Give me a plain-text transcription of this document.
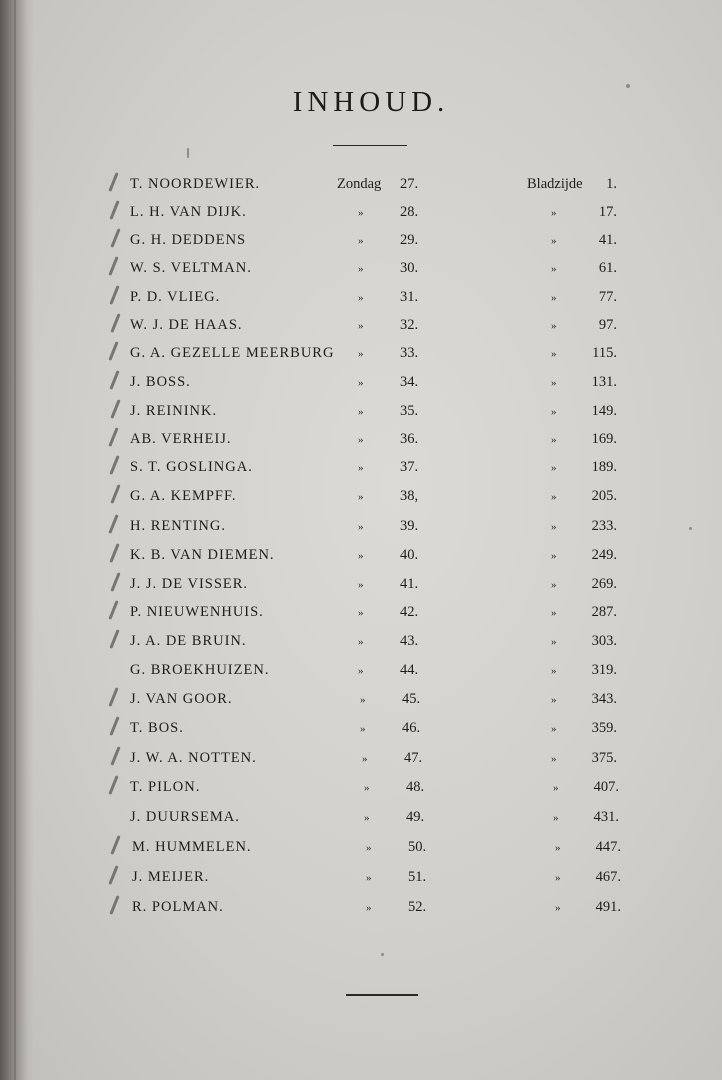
INHOUD.
T. NOORDEWIER.	Zondag 27.	Bladzijde	1.
L. H. VAN DIJK.	»	28.	»	17.
G. H. DEDDENS	»	29.	»	41.
W. S. VELTMAN.	»	30.	»	61.
P. D. VLIEG.	»	31.	»	77.
W. J. DE HAAS.	»	32.	»	97.
G. A. GEZELLE MEERBURG »	33.	»	115.
J. BOSS.	»	34.	»	131.
J. REININK.	»	35.	»	149.
AB. VERHEIJ.	»	36.	»	169.
S. T. GOSLINGA.	»	37.	»	189.
G. A. KEMPFF.	»	38,	»	205.
H. RENTING.	»	39.	»	233.
K. B. VAN DIEMEN.	»	40.	»	249.
J. J. DE VISSER.	»	41.	»	269.
P. NIEUWENHUIS.	»	42.	»	287.
J. A. DE BRUIN.	»	43.	»	303.
G. BROEKHUIZEN.	»	44.	»	319.
J. VAN GOOR.	»	45.	»	343.
T. BOS.	»	46.	»	359.
J. W. A. NOTTEN.	»	47.	»	375.
T. PILON.	»	48.	»	407.
J. DUURSEMA.	»	49.	»	431.
M. HUMMELEN.	»	50.	»	447.
J. MEIJER.	»	51.	»	467.
R. POLMAN.	»	52.	»	491.
